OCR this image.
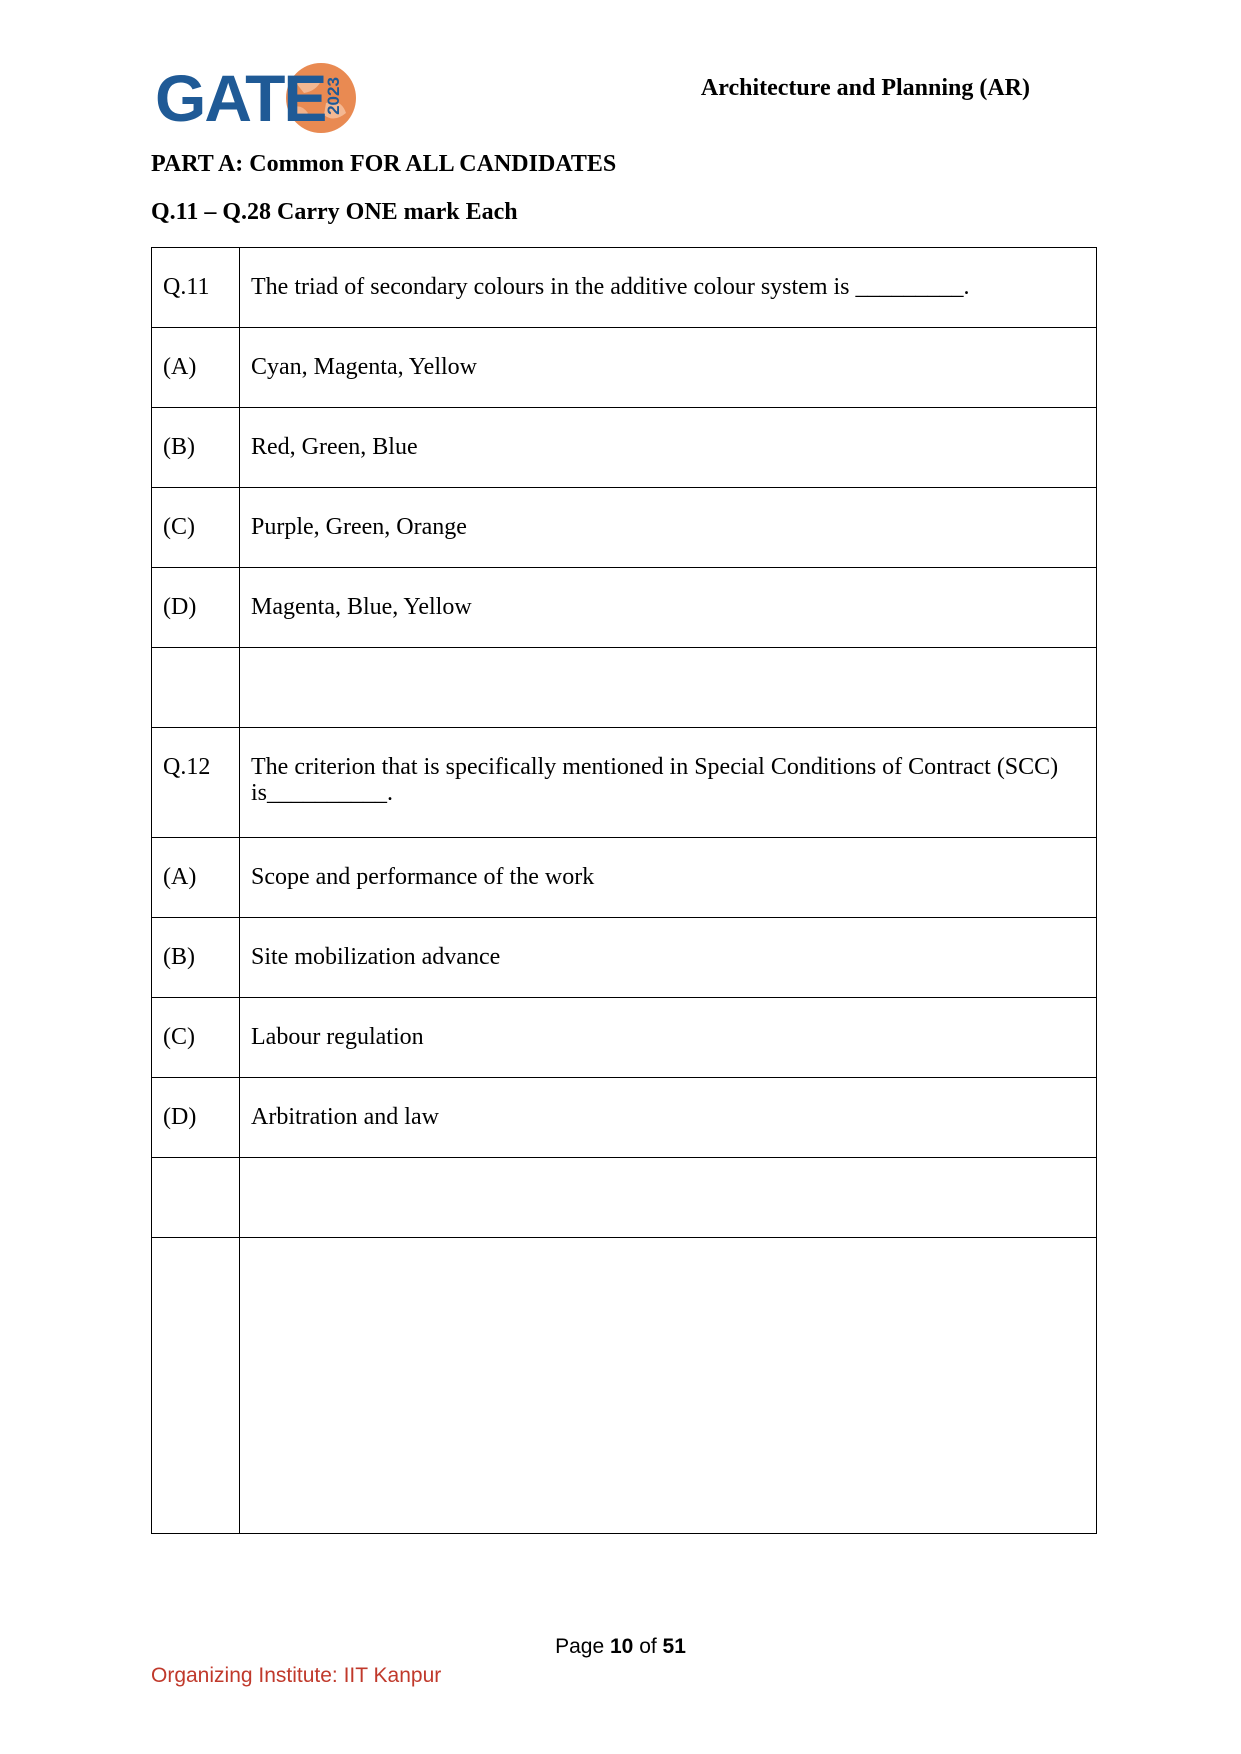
GATE
2023	Architecture and Planning (AR)
PART A: Common FOR ALL CANDIDATES
Q.11 – Q.28 Carry ONE mark Each
Q.11	The triad of secondary colours in the additive colour system is _________.
(A)	Cyan, Magenta, Yellow
(B)	Red, Green, Blue
(C)	Purple, Green, Orange
(D)	Magenta, Blue, Yellow

Q.12	The criterion that is specifically mentioned in Special Conditions of Contract (SCC) is__________.
(A)	Scope and performance of the work
(B)	Site mobilization advance
(C)	Labour regulation
(D)	Arbitration and law

Page 10 of 51
Organizing Institute: IIT Kanpur
